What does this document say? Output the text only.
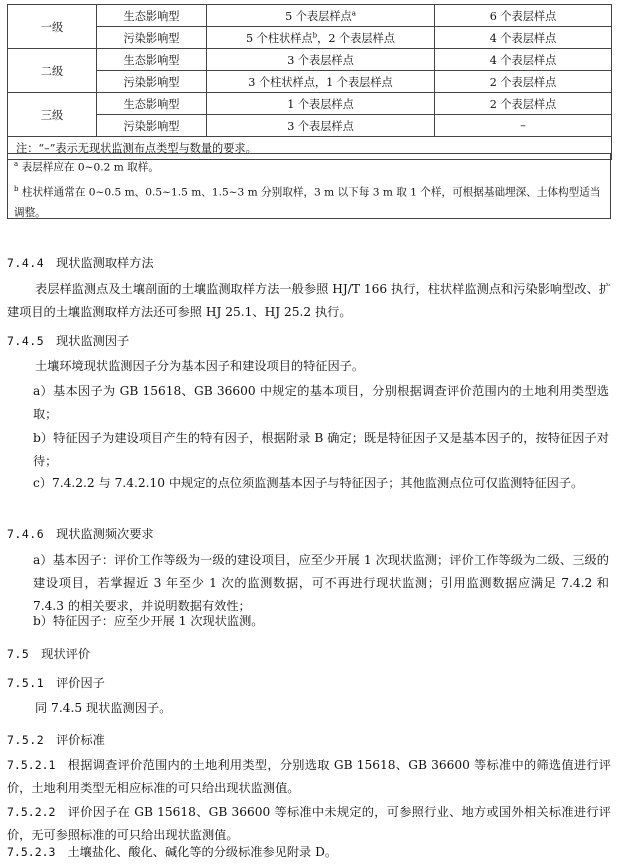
一级	生态影响型	5 个表层样点$^a$	6 个表层样点
	污染影响型	5 个柱状样点$^b$，2 个表层样点	4 个表层样点
二级	生态影响型	3 个表层样点	4 个表层样点
	污染影响型	3 个柱状样点，1 个表层样点	2 个表层样点
三级	生态影响型	1 个表层样点	2 个表层样点
	污染影响型	3 个表层样点	–
注：“–”表示无现状监测布点类型与数量的要求。			
$^a$ 表层样应在 0~0.2 m 取样。
$^b$ 柱状样通常在 0~0.5 m、0.5~1.5 m、1.5~3 m 分别取样，3 m 以下每 3 m 取 1 个样，可根据基础埋深、土体构型适当调整。
7.4.4 现状监测取样方法
表层样监测点及土壤剖面的土壤监测取样方法一般参照 HJ/T 166 执行，柱状样监测点和污染影响型改、扩建项目的土壤监测取样方法还可参照 HJ 25.1、HJ 25.2 执行。
7.4.5 现状监测因子
土壤环境现状监测因子分为基本因子和建设项目的特征因子。
a）基本因子为 GB 15618、GB 36600 中规定的基本项目，分别根据调查评价范围内的土地利用类型选取；
b）特征因子为建设项目产生的特有因子，根据附录 B 确定；既是特征因子又是基本因子的，按特征因子对待；
c）7.4.2.2 与 7.4.2.10 中规定的点位须监测基本因子与特征因子；其他监测点位可仅监测特征因子。
7.4.6 现状监测频次要求
a）基本因子：评价工作等级为一级的建设项目，应至少开展 1 次现状监测；评价工作等级为二级、三级的建设项目，若掌握近 3 年至少 1 次的监测数据，可不再进行现状监测；引用监测数据应满足 7.4.2 和 7.4.3 的相关要求，并说明数据有效性；
b）特征因子：应至少开展 1 次现状监测。
7.5 现状评价
7.5.1 评价因子
同 7.4.5 现状监测因子。
7.5.2 评价标准
7.5.2.1 根据调查评价范围内的土地利用类型，分别选取 GB 15618、GB 36600 等标准中的筛选值进行评价，土地利用类型无相应标准的可只给出现状监测值。
7.5.2.2 评价因子在 GB 15618、GB 36600 等标准中未规定的，可参照行业、地方或国外相关标准进行评价，无可参照标准的可只给出现状监测值。
7.5.2.3 土壤盐化、酸化、碱化等的分级标准参见附录 D。
